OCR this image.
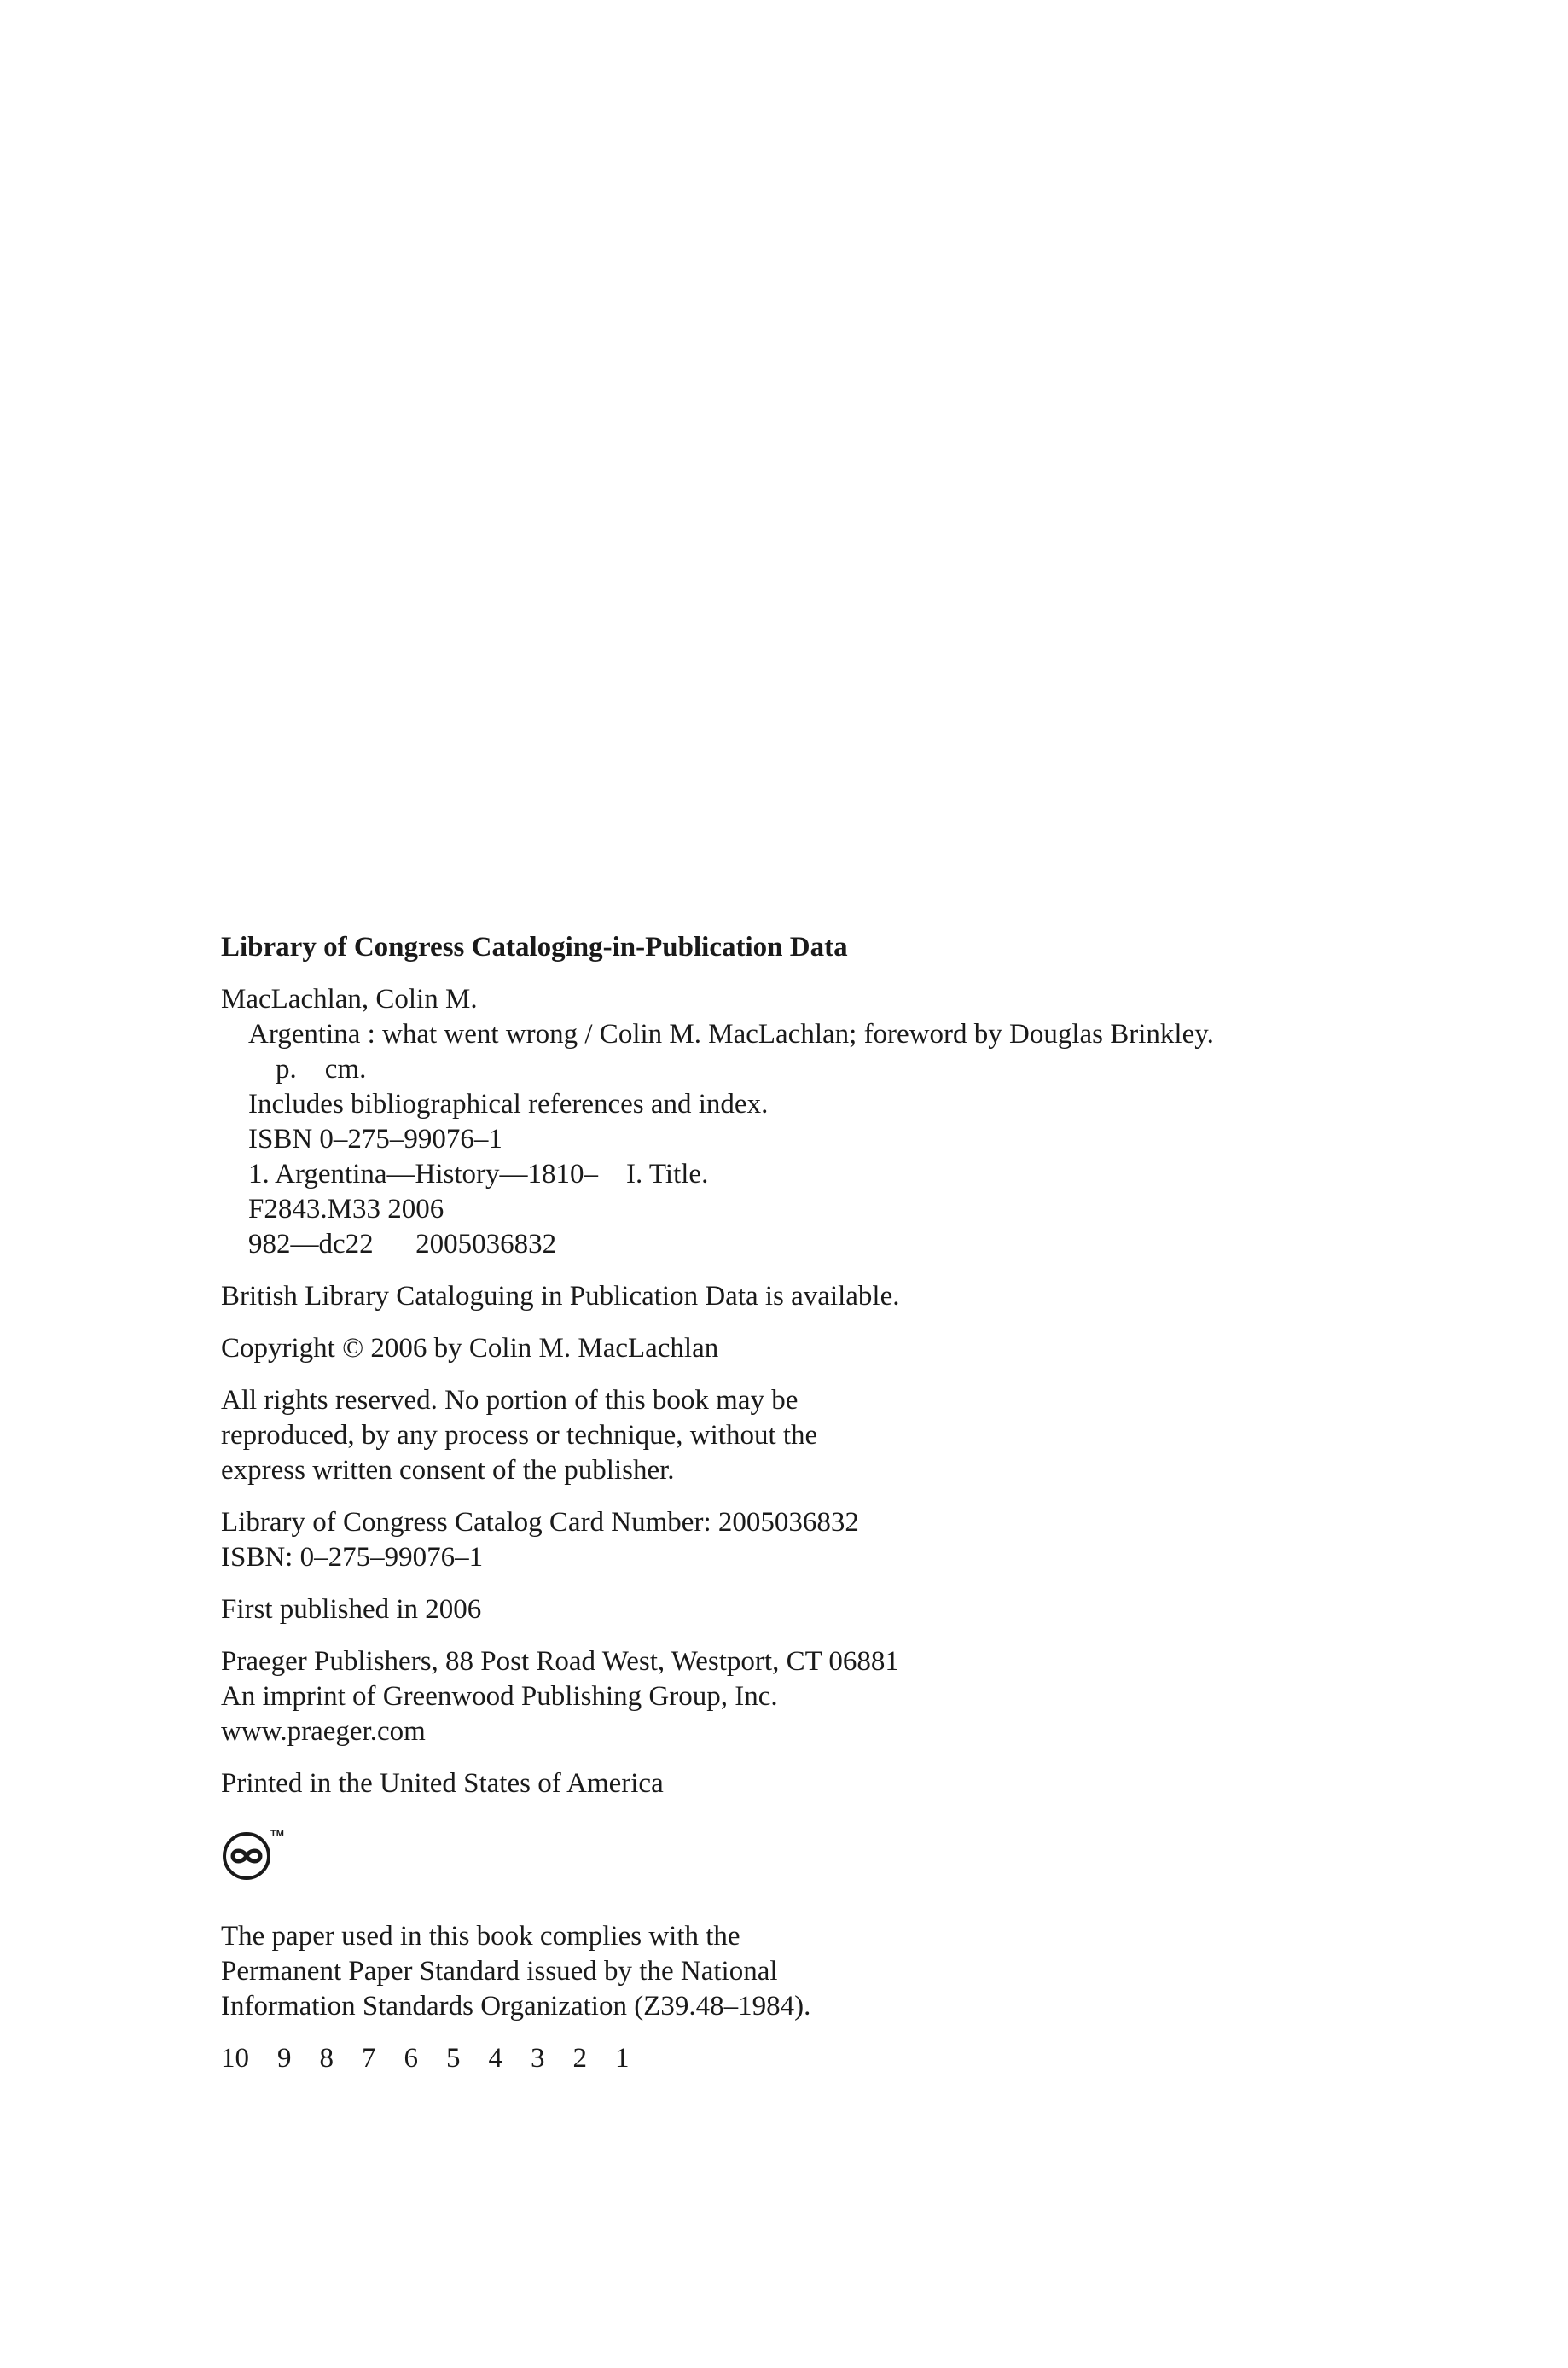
Library of Congress Cataloging-in-Publication Data
MacLachlan, Colin M.
Argentina : what went wrong / Colin M. MacLachlan; foreword by Douglas Brinkley.
p.    cm.
Includes bibliographical references and index.
ISBN 0–275–99076–1
1. Argentina—History—1810–    I. Title.
F2843.M33 2006
982—dc22      2005036832
British Library Cataloguing in Publication Data is available.
Copyright © 2006 by Colin M. MacLachlan
All rights reserved. No portion of this book may be
reproduced, by any process or technique, without the
express written consent of the publisher.
Library of Congress Catalog Card Number: 2005036832
ISBN: 0–275–99076–1
First published in 2006
Praeger Publishers, 88 Post Road West, Westport, CT 06881
An imprint of Greenwood Publishing Group, Inc.
www.praeger.com
Printed in the United States of America
TM
The paper used in this book complies with the
Permanent Paper Standard issued by the National
Information Standards Organization (Z39.48–1984).
10    9    8    7    6    5    4    3    2    1
